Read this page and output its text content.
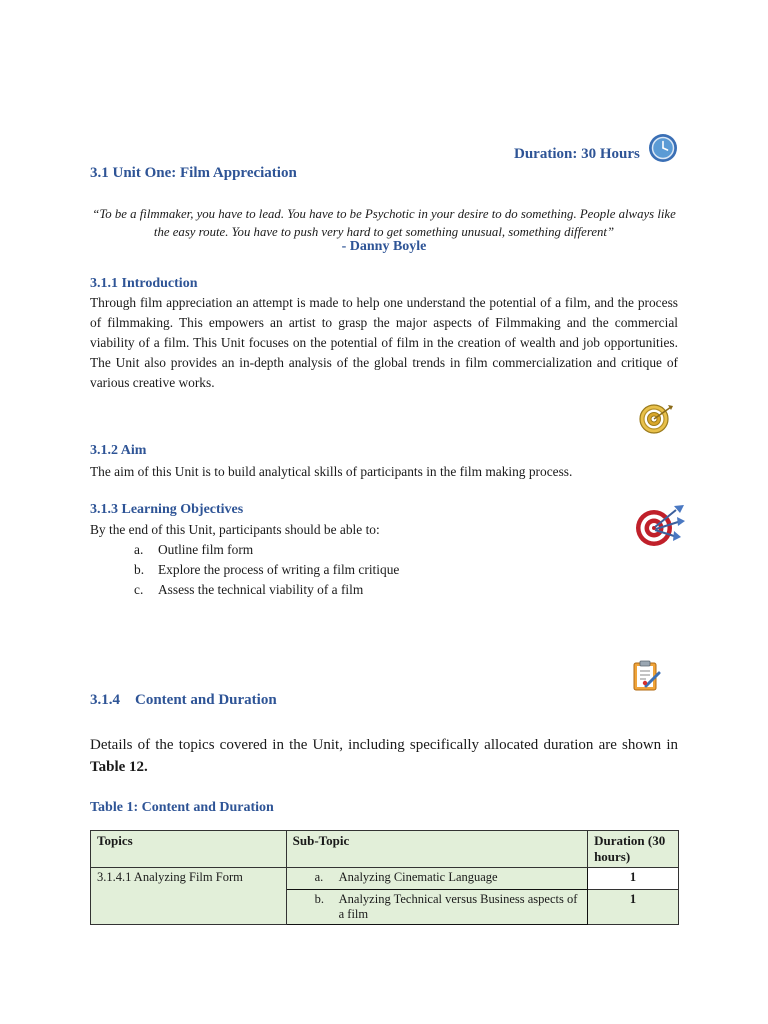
Duration: 30 Hours
3.1 Unit One: Film Appreciation
“To be a filmmaker, you have to lead. You have to be Psychotic in your desire to do something. People always like the easy route. You have to push very hard to get something unusual, something different”
- Danny Boyle
3.1.1 Introduction
Through film appreciation an attempt is made to help one understand the potential of a film, and the process of filmmaking. This empowers an artist to grasp the major aspects of Filmmaking and the commercial viability of a film. This Unit focuses on the potential of film in the creation of wealth and job opportunities. The Unit also provides an in-depth analysis of the global trends in film commercialization and critique of various creative works.
3.1.2 Aim
The aim of this Unit is to build analytical skills of participants in the film making process.
3.1.3 Learning Objectives
By the end of this Unit, participants should be able to:
a.	Outline film form
b.	Explore the process of writing a film critique
c.	Assess the technical viability of a film
3.1.4    Content and Duration
Details of the topics covered in the Unit, including specifically allocated duration are shown in Table 12.
Table 1: Content and Duration
Topics	Sub-Topic	Duration (30 hours)
3.1.4.1 Analyzing Film Form	a. Analyzing Cinematic Language	1

	b. Analyzing Technical versus Business aspects of a film	1
